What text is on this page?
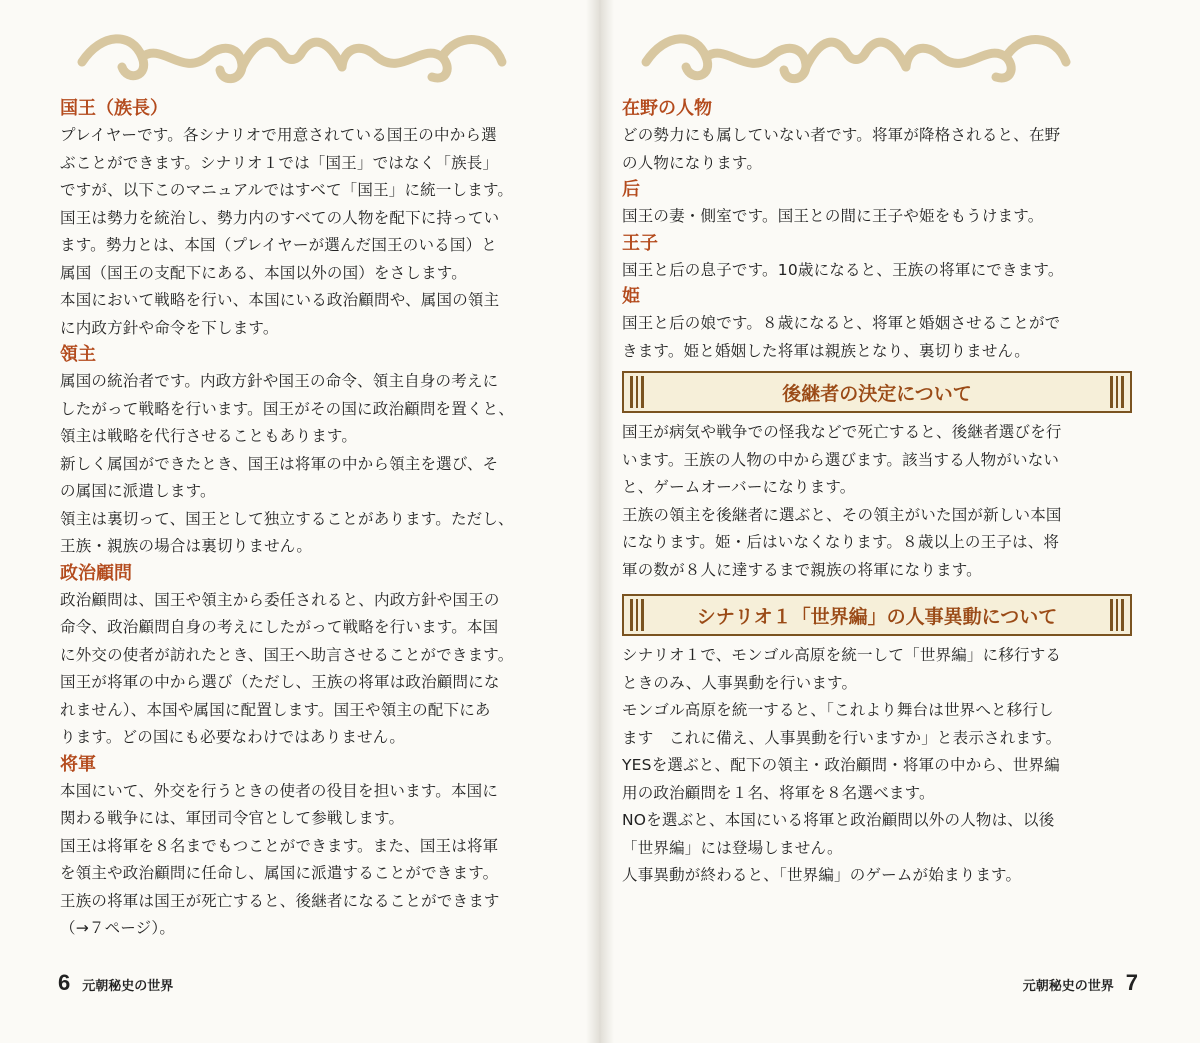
国王（族長）

プレイヤーです。各シナリオで用意されている国王の中から選

ぶことができます。シナリオ１では「国王」ではなく「族長」

ですが、以下このマニュアルではすべて「国王」に統一します。

国王は勢力を統治し、勢力内のすべての人物を配下に持ってい

ます。勢力とは、本国（プレイヤーが選んだ国王のいる国）と

属国（国王の支配下にある、本国以外の国）をさします。

本国において戦略を行い、本国にいる政治顧問や、属国の領主

に内政方針や命令を下します。

領主

属国の統治者です。内政方針や国王の命令、領主自身の考えに

したがって戦略を行います。国王がその国に政治顧問を置くと、

領主は戦略を代行させることもあります。

新しく属国ができたとき、国王は将軍の中から領主を選び、そ

の属国に派遣します。

領主は裏切って、国王として独立することがあります。ただし、

王族・親族の場合は裏切りません。

政治顧問

政治顧問は、国王や領主から委任されると、内政方針や国王の

命令、政治顧問自身の考えにしたがって戦略を行います。本国

に外交の使者が訪れたとき、国王へ助言させることができます。

国王が将軍の中から選び（ただし、王族の将軍は政治顧問にな

れません）、本国や属国に配置します。国王や領主の配下にあ

ります。どの国にも必要なわけではありません。

将軍

本国にいて、外交を行うときの使者の役目を担います。本国に

関わる戦争には、軍団司令官として参戦します。

国王は将軍を８名までもつことができます。また、国王は将軍

を領主や政治顧問に任命し、属国に派遣することができます。

王族の将軍は国王が死亡すると、後継者になることができます

（→７ページ）。

6 元朝秘史の世界
在野の人物

どの勢力にも属していない者です。将軍が降格されると、在野

の人物になります。

后

国王の妻・側室です。国王との間に王子や姫をもうけます。

王子

国王と后の息子です。10歳になると、王族の将軍にできます。

姫

国王と后の娘です。８歳になると、将軍と婚姻させることがで

きます。姫と婚姻した将軍は親族となり、裏切りません。

後継者の決定について

国王が病気や戦争での怪我などで死亡すると、後継者選びを行

います。王族の人物の中から選びます。該当する人物がいない

と、ゲームオーバーになります。

王族の領主を後継者に選ぶと、その領主がいた国が新しい本国

になります。姫・后はいなくなります。８歳以上の王子は、将

軍の数が８人に達するまで親族の将軍になります。

シナリオ１「世界編」の人事異動について

シナリオ１で、モンゴル高原を統一して「世界編」に移行する

ときのみ、人事異動を行います。

モンゴル高原を統一すると、「これより舞台は世界へと移行し

ます　これに備え、人事異動を行いますか」と表示されます。

YESを選ぶと、配下の領主・政治顧問・将軍の中から、世界編

用の政治顧問を１名、将軍を８名選べます。

NOを選ぶと、本国にいる将軍と政治顧問以外の人物は、以後

「世界編」には登場しません。

人事異動が終わると、「世界編」のゲームが始まります。

元朝秘史の世界 7
